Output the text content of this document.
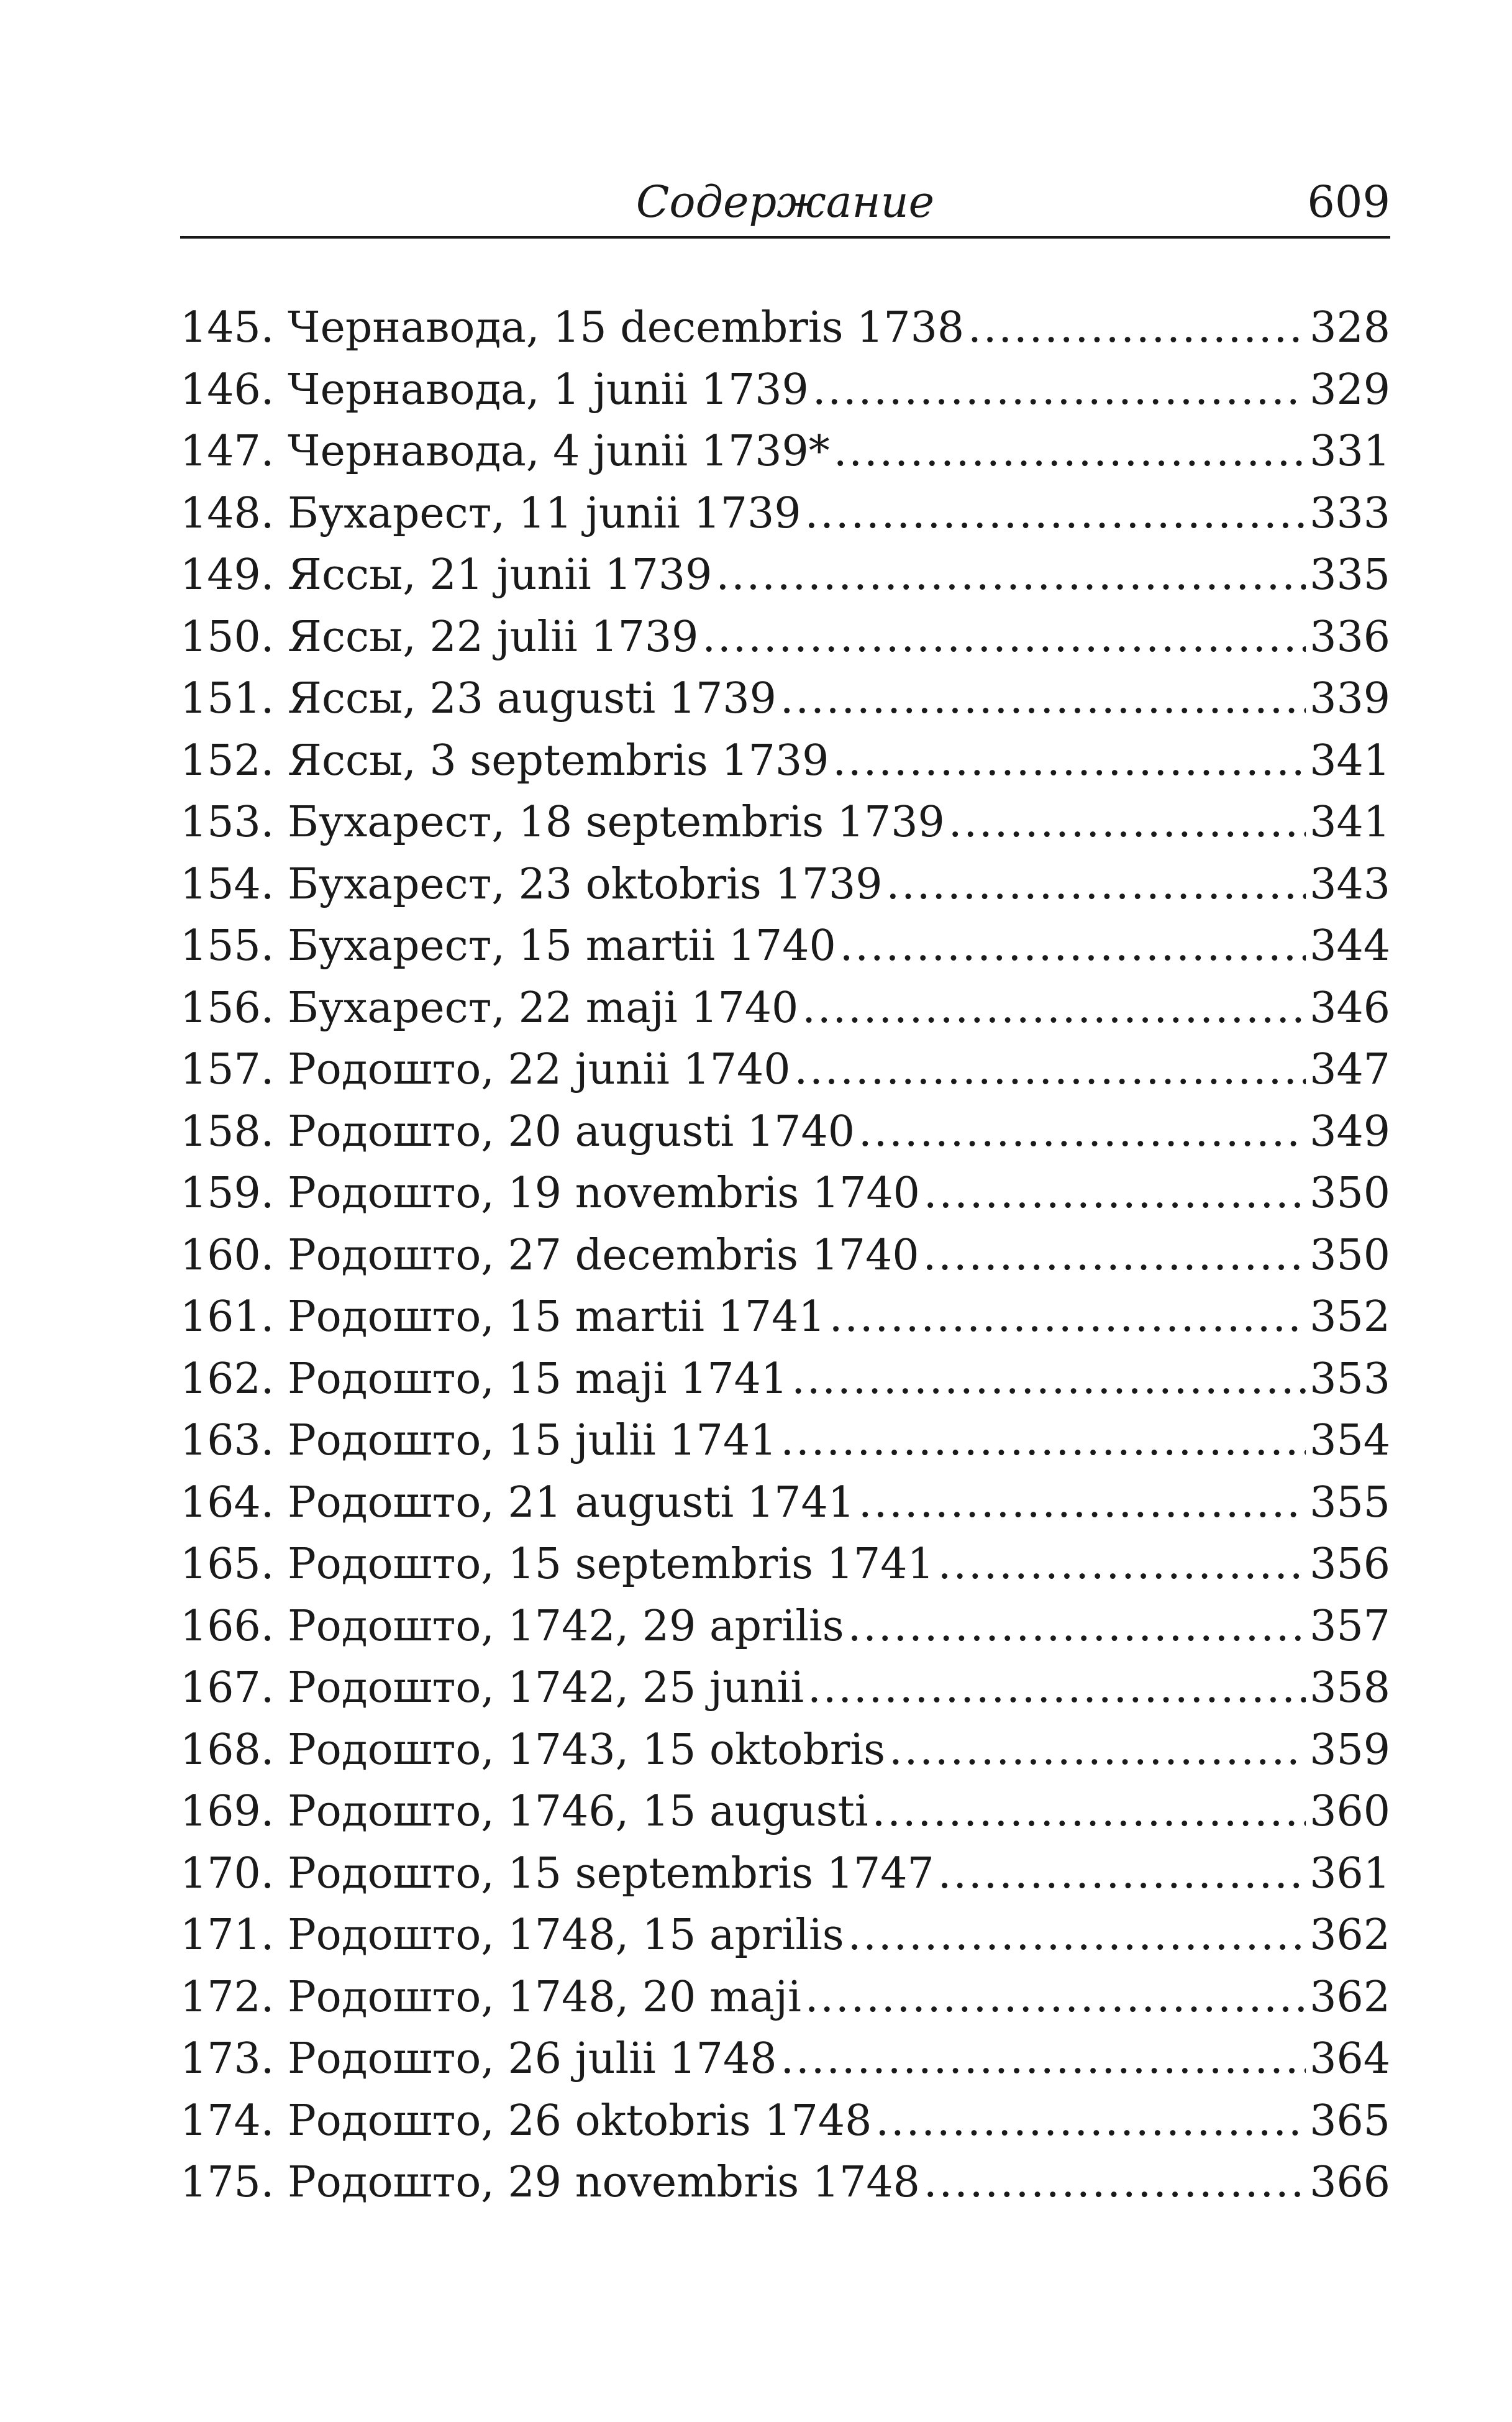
Содержание	609
145. Чернавода, 15 decembris 1738 .....	328
146. Чернавода, 1 junii 1739 .....	329
147. Чернавода, 4 junii 1739* .....	331
148. Бухарест, 11 junii 1739 .....	333
149. Яссы, 21 junii 1739 .....	335
150. Яссы, 22 julii 1739 .....	336
151. Яссы, 23 augusti 1739 .....	339
152. Яссы, 3 septembris 1739 .....	341
153. Бухарест, 18 septembris 1739 .....	341
154. Бухарест, 23 oktobris 1739 .....	343
155. Бухарест, 15 martii 1740 .....	344
156. Бухарест, 22 maji 1740 .....	346
157. Родошто, 22 junii 1740 .....	347
158. Родошто, 20 augusti 1740 .....	349
159. Родошто, 19 novembris 1740 .....	350
160. Родошто, 27 decembris 1740 .....	350
161. Родошто, 15 martii 1741 .....	352
162. Родошто, 15 maji 1741 .....	353
163. Родошто, 15 julii 1741 .....	354
164. Родошто, 21 augusti 1741 .....	355
165. Родошто, 15 septembris 1741 .....	356
166. Родошто, 1742, 29 aprilis .....	357
167. Родошто, 1742, 25 junii .....	358
168. Родошто, 1743, 15 oktobris .....	359
169. Родошто, 1746, 15 augusti .....	360
170. Родошто, 15 septembris 1747 .....	361
171. Родошто, 1748, 15 aprilis .....	362
172. Родошто, 1748, 20 maji .....	362
173. Родошто, 26 julii 1748 .....	364
174. Родошто, 26 oktobris 1748 .....	365
175. Родошто, 29 novembris 1748 .....	366
